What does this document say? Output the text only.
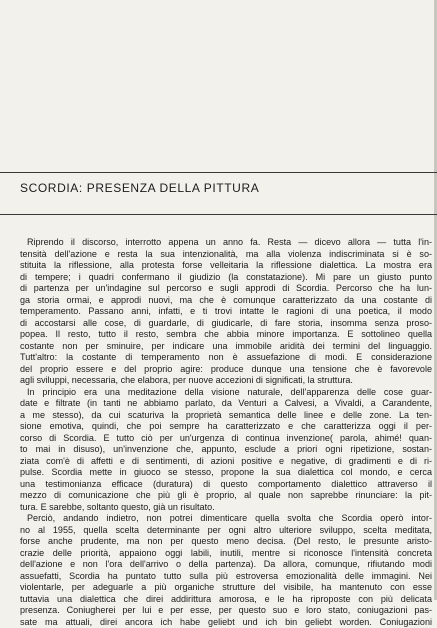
SCORDIA: PRESENZA DELLA PITTURA
Riprendo il discorso, interrotto appena un anno fa. Resta — dicevo allora — tutta l'in-
tensità dell'azione e resta la sua intenzionalità, ma alla violenza indiscriminata si è so-
stituita la riflessione, alla protesta forse velleitaria la riflessione dialettica. La mostra era
di tempere; i quadri confermano il giudizio (la constatazione). Mi pare un giusto punto
di partenza per un'indagine sul percorso e sugli approdi di Scordia. Percorso che ha lun-
ga storia ormai, e approdi nuovi, ma che è comunque caratterizzato da una costante di
temperamento. Passano anni, infatti, e ti trovi intatte le ragioni di una poetica, il modo
di accostarsi alle cose, di guardarle, di giudicarle, di fare storia, insomma senza proso-
popea. Il resto, tutto il resto, sembra che abbia minore importanza. E sottolineo quella
costante non per sminuire, per indicare una immobile aridità dei termini del linguaggio.
Tutt'altro: la costante di temperamento non è assuefazione di modi. E considerazione
del proprio essere e del proprio agire: produce dunque una tensione che è favorevole
agli sviluppi, necessaria, che elabora, per nuove accezioni di significati, la struttura.
In principio era una meditazione della visione naturale, dell'apparenza delle cose guar-
date e filtrate (in tanti ne abbiamo parlato, da Venturi a Calvesi, a Vivaldi, a Carandente,
a me stesso), da cui scaturiva la proprietà semantica delle linee e delle zone. La ten-
sione emotiva, quindi, che poi sempre ha caratterizzato e che caratterizza oggi il per-
corso di Scordia. E tutto ciò per un'urgenza di continua invenzione( parola, ahimé! quan-
to mai in disuso), un'invenzione che, appunto, esclude a priori ogni ripetizione, sostan-
ziata com'è di affetti e di sentimenti, di azioni positive e negative, di gradimenti e di ri-
pulse. Scordia mette in giuoco se stesso, propone la sua dialettica col mondo, e cerca
una testimonianza efficace (duratura) di questo comportamento dialettico attraverso il
mezzo di comunicazione che più gli è proprio, al quale non saprebbe rinunciare: la pit-
tura. E sarebbe, soltanto questo, già un risultato.
Perciò, andando indietro, non potrei dimenticare quella svolta che Scordia operò intor-
no al 1955, quella scelta determinante per ogni altro ulteriore sviluppo, scelta meditata,
forse anche prudente, ma non per questo meno decisa. (Del resto, le presunte aristo-
crazie delle priorità, appaiono oggi labili, inutili, mentre si riconosce l'intensità concreta
dell'azione e non l'ora dell'arrivo o della partenza). Da allora, comunque, rifiutando modi
assuefatti, Scordia ha puntato tutto sulla più estroversa emozionalità delle immagini. Nei
violentarle, per adeguarle a più organiche strutture del visibile, ha mantenuto con esse
tuttavia una dialettica che direi addirittura amorosa, e le ha riproposte con più delicata
presenza. Coniugherei per lui e per esse, per questo suo e loro stato, coniugazioni pas-
sate ma attuali, direi ancora ich habe geliebt und ich bin geliebt worden. Coniugazioni
